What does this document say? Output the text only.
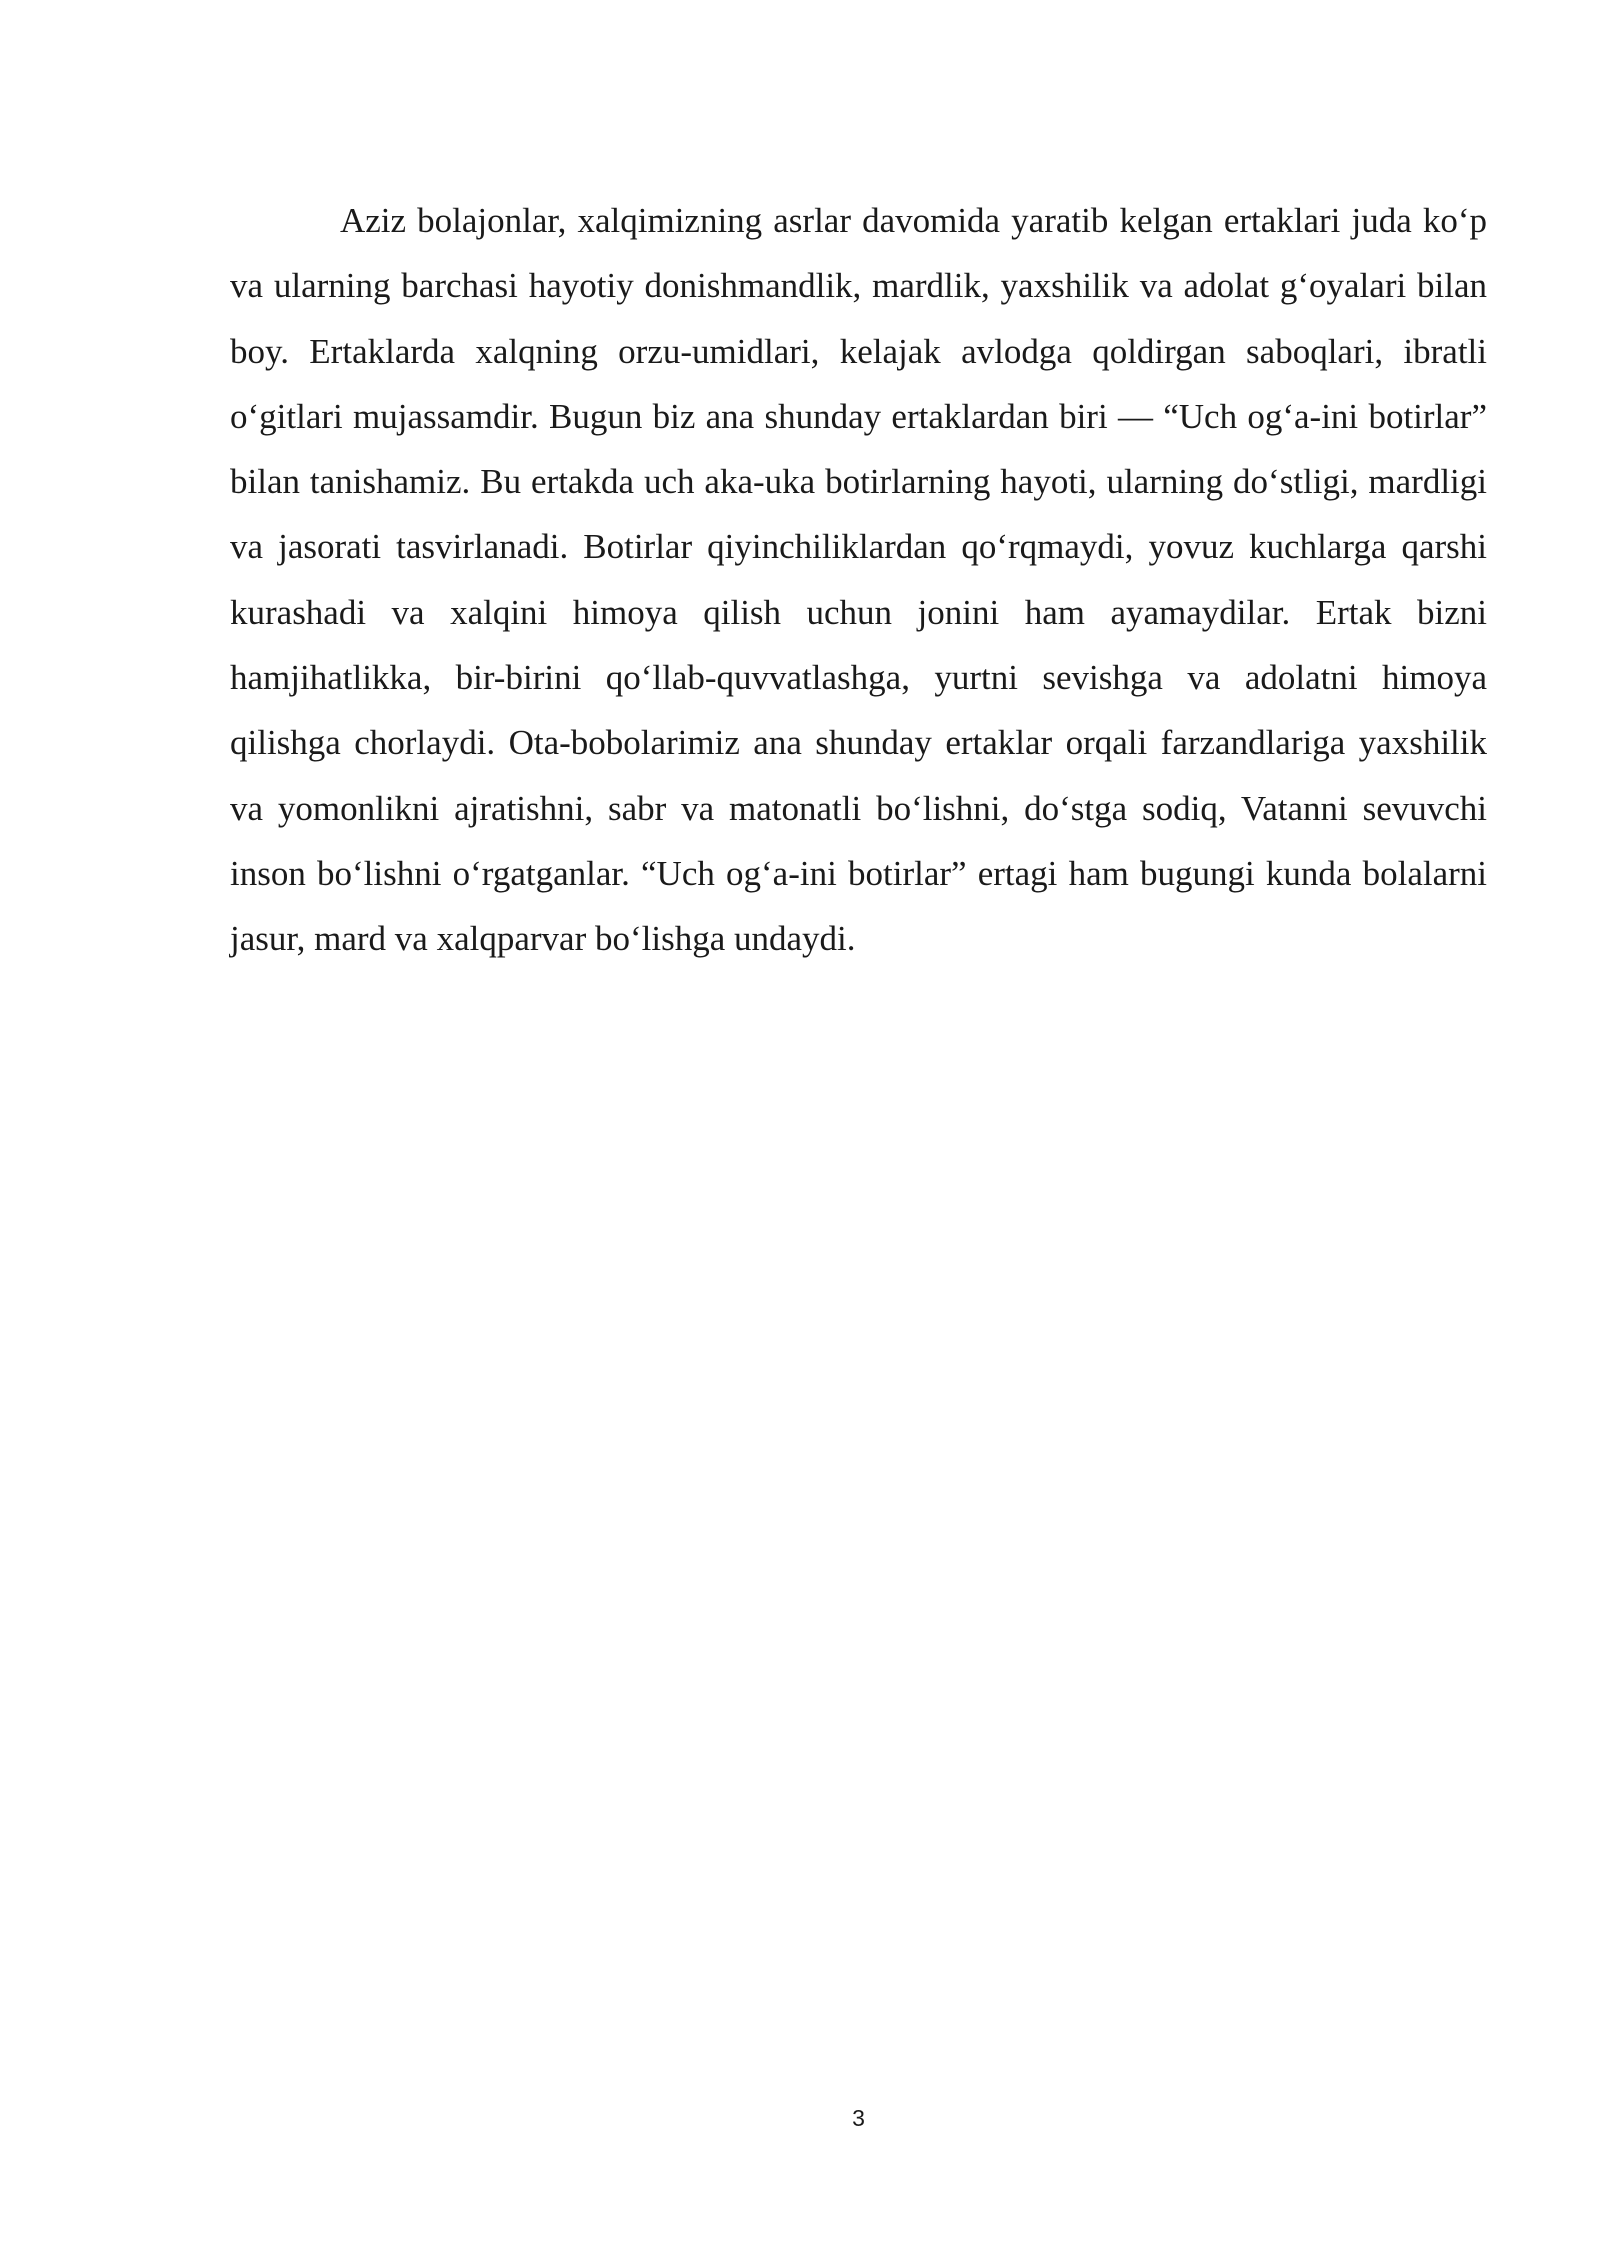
Aziz bolajonlar, xalqimizning asrlar davomida yaratib kelgan ertaklari juda ko‘p va ularning barchasi hayotiy donishmandlik, mardlik, yaxshilik va adolat g‘oyalari bilan boy. Ertaklarda xalqning orzu-umidlari, kelajak avlodga qoldirgan saboqlari, ibratli o‘gitlari mujassamdir. Bugun biz ana shunday ertaklardan biri — “Uch og‘a-ini botirlar” bilan tanishamiz. Bu ertakda uch aka-uka botirlarning hayoti, ularning do‘stligi, mardligi va jasorati tasvirlanadi. Botirlar qiyinchiliklardan qo‘rqmaydi, yovuz kuchlarga qarshi kurashadi va xalqini himoya qilish uchun jonini ham ayamaydilar. Ertak bizni hamjihatlikka, bir-birini qo‘llab-quvvatlashga, yurtni sevishga va adolatni himoya qilishga chorlaydi. Ota-bobolarimiz ana shunday ertaklar orqali farzandlariga yaxshilik va yomonlikni ajratishni, sabr va matonatli bo‘lishni, do‘stga sodiq, Vatanni sevuvchi inson bo‘lishni o‘rgatganlar. “Uch og‘a-ini botirlar” ertagi ham bugungi kunda bolalarni jasur, mard va xalqparvar bo‘lishga undaydi.

3
